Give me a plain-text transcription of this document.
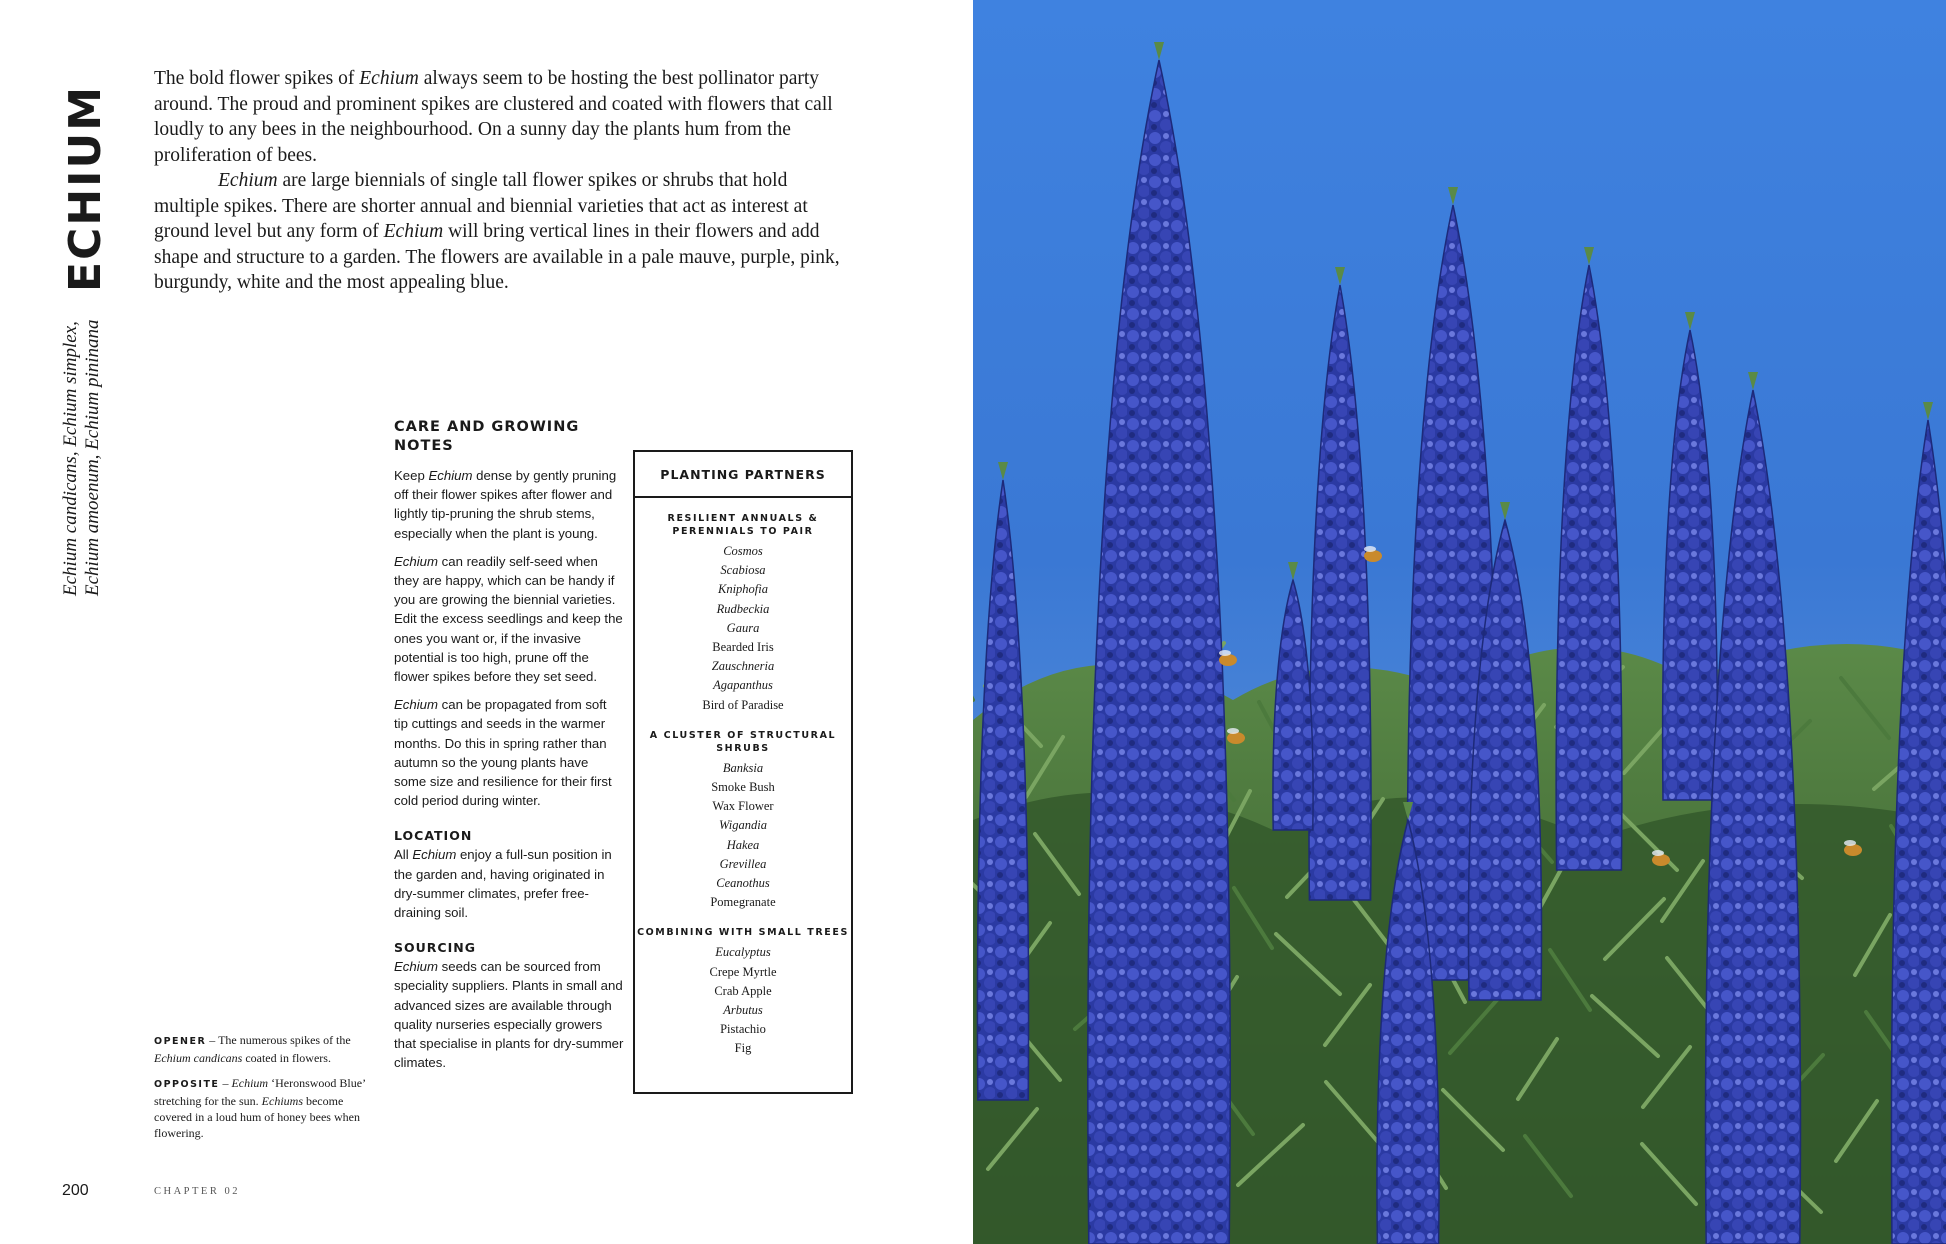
ECHIUM
Echium candicans, Echium simplex, Echium amoenum, Echium pininana

The bold flower spikes of Echium always seem to be hosting the best pollinator party around. The proud and prominent spikes are clustered and coated with flowers that call loudly to any bees in the neighbourhood. On a sunny day the plants hum from the proliferation of bees.

Echium are large biennials of single tall flower spikes or shrubs that hold multiple spikes. There are shorter annual and biennial varieties that act as interest at ground level but any form of Echium will bring vertical lines in their flowers and add shape and structure to a garden. The flowers are available in a pale mauve, purple, pink, burgundy, white and the most appealing blue.

CARE AND GROWING NOTES

Keep Echium dense by gently pruning off their flower spikes after flower and lightly tip-pruning the shrub stems, especially when the plant is young.

Echium can readily self-seed when they are happy, which can be handy if you are growing the biennial varieties. Edit the excess seedlings and keep the ones you want or, if the invasive potential is too high, prune off the flower spikes before they set seed.

Echium can be propagated from soft tip cuttings and seeds in the warmer months. Do this in spring rather than autumn so the young plants have some size and resilience for their first cold period during winter.

LOCATION

All Echium enjoy a full-sun position in the garden and, having originated in dry-summer climates, prefer free-draining soil.

SOURCING

Echium seeds can be sourced from speciality suppliers. Plants in small and advanced sizes are available through quality nurseries especially growers that specialise in plants for dry-summer climates.

PLANTING PARTNERS
RESILIENT ANNUALS & PERENNIALS TO PAIR
Cosmos
Scabiosa
Kniphofia
Rudbeckia
Gaura
Bearded Iris
Zauschneria
Agapanthus
Bird of Paradise
A CLUSTER OF STRUCTURAL SHRUBS
Banksia
Smoke Bush
Wax Flower
Wigandia
Hakea
Grevillea
Ceanothus
Pomegranate
COMBINING WITH SMALL TREES
Eucalyptus
Crepe Myrtle
Crab Apple
Arbutus
Pistachio
Fig

OPENER – The numerous spikes of the Echium candicans coated in flowers.

OPPOSITE – Echium ‘Heronswood Blue’ stretching for the sun. Echiums become covered in a loud hum of honey bees when flowering.

200	CHAPTER 02
